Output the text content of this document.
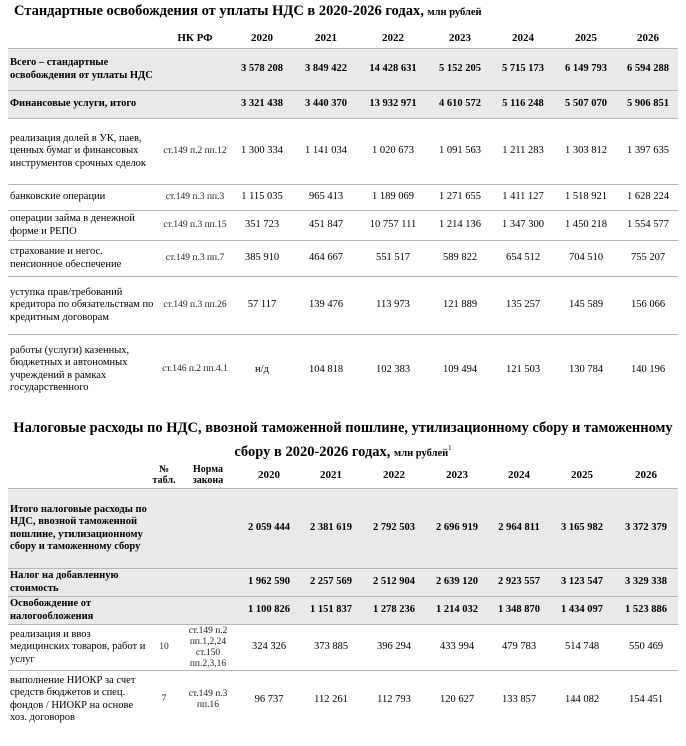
Стандартные освобождения от уплаты НДС в 2020-2026 годах, млн рублей
	НК РФ	2020	2021	2022	2023	2024	2025	2026
Всего – стандартные освобождения от уплаты НДС		3 578 208	3 849 422	14 428 631	5 152 205	5 715 173	6 149 793	6 594 288
Финансовые услуги, итого		3 321 438	3 440 370	13 932 971	4 610 572	5 116 248	5 507 070	5 906 851
реализация долей в УК, паев, ценных бумаг и финансовых инструментов срочных сделок	ст.149 п.2 пп.12	1 300 334	1 141 034	1 020 673	1 091 563	1 211 283	1 303 812	1 397 635
банковские операции	ст.149 п.3 пп.3	1 115 035	965 413	1 189 069	1 271 655	1 411 127	1 518 921	1 628 224
операции займа в денежной форме и РЕПО	ст.149 п.3 пп.15	351 723	451 847	10 757 111	1 214 136	1 347 300	1 450 218	1 554 577
страхование и негос. пенсионное обеспечение	ст.149 п.3 пп.7	385 910	464 667	551 517	589 822	654 512	704 510	755 207
уступка прав/требований кредитора по обязательствам по кредитным договорам	ст.149 п.3 пп.26	57 117	139 476	113 973	121 889	135 257	145 589	156 066
работы (услуги) казенных, бюджетных и автономных учреждений в рамках государственного	ст.146 п.2 пп.4.1	н/д	104 818	102 383	109 494	121 503	130 784	140 196
Налоговые расходы по НДС, ввозной таможенной пошлине, утилизационному сбору и таможенному сбору в 2020-2026 годах, млн рублей$^1$
	№ табл.	Норма закона	2020	2021	2022	2023	2024	2025	2026
Итого налоговые расходы по НДС, ввозной таможенной пошлине, утилизационному сбору и таможенному сбору			2 059 444	2 381 619	2 792 503	2 696 919	2 964 811	3 165 982	3 372 379
Налог на добавленную стоимость			1 962 590	2 257 569	2 512 904	2 639 120	2 923 557	3 123 547	3 329 338
Освобождение от налогообложения			1 100 826	1 151 837	1 278 236	1 214 032	1 348 870	1 434 097	1 523 886
реализация и ввоз медицинских товаров, работ и услуг	10	ст.149 п.2 пп.1,2,24 ст.150 пп.2,3,16	324 326	373 885	396 294	433 994	479 783	514 748	550 469
выполнение НИОКР за счет средств бюджетов и спец. фондов / НИОКР на основе хоз. договоров	7	ст.149 п.3 пп.16	96 737	112 261	112 793	120 627	133 857	144 082	154 451
